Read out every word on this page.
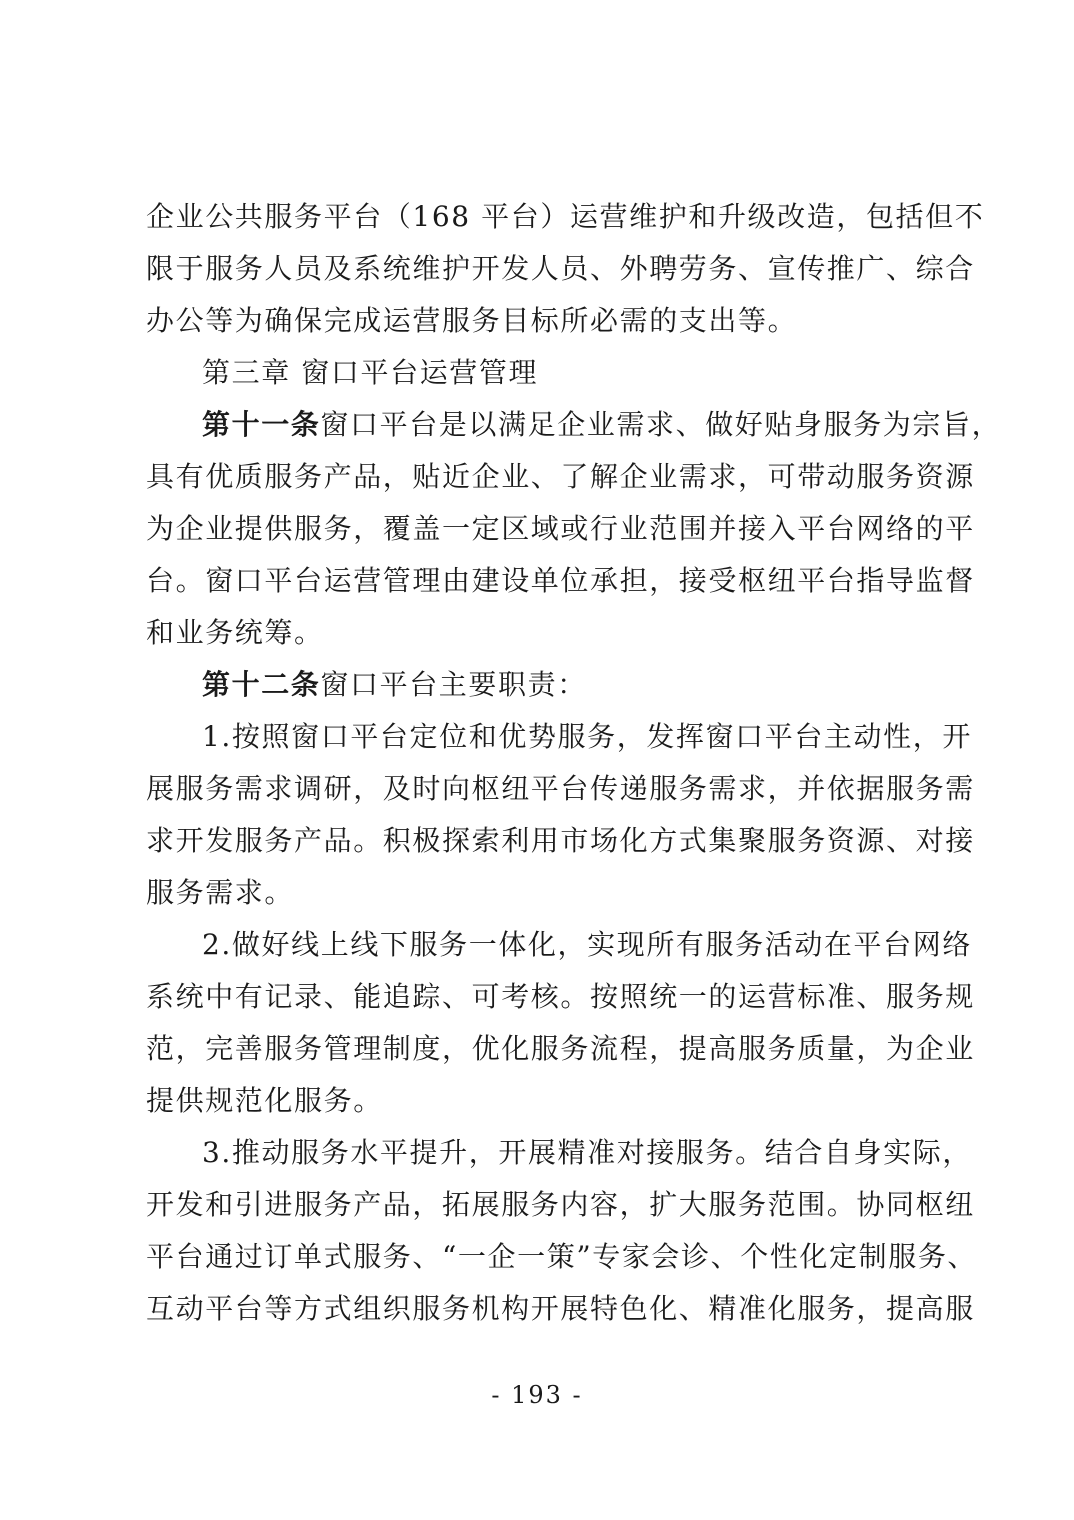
企业公共服务平台（168 平台）运营维护和升级改造，包括但不
限于服务人员及系统维护开发人员、外聘劳务、宣传推广、综合
办公等为确保完成运营服务目标所必需的支出等。
第三章 窗口平台运营管理
第十一条窗口平台是以满足企业需求、做好贴身服务为宗旨，
具有优质服务产品，贴近企业、了解企业需求，可带动服务资源
为企业提供服务，覆盖一定区域或行业范围并接入平台网络的平
台。窗口平台运营管理由建设单位承担，接受枢纽平台指导监督
和业务统筹。
第十二条窗口平台主要职责：
1.按照窗口平台定位和优势服务，发挥窗口平台主动性，开
展服务需求调研，及时向枢纽平台传递服务需求，并依据服务需
求开发服务产品。积极探索利用市场化方式集聚服务资源、对接
服务需求。
2.做好线上线下服务一体化，实现所有服务活动在平台网络
系统中有记录、能追踪、可考核。按照统一的运营标准、服务规
范，完善服务管理制度，优化服务流程，提高服务质量，为企业
提供规范化服务。
3.推动服务水平提升，开展精准对接服务。结合自身实际，
开发和引进服务产品，拓展服务内容，扩大服务范围。协同枢纽
平台通过订单式服务、“一企一策”专家会诊、个性化定制服务、
互动平台等方式组织服务机构开展特色化、精准化服务，提高服
- 193 -
